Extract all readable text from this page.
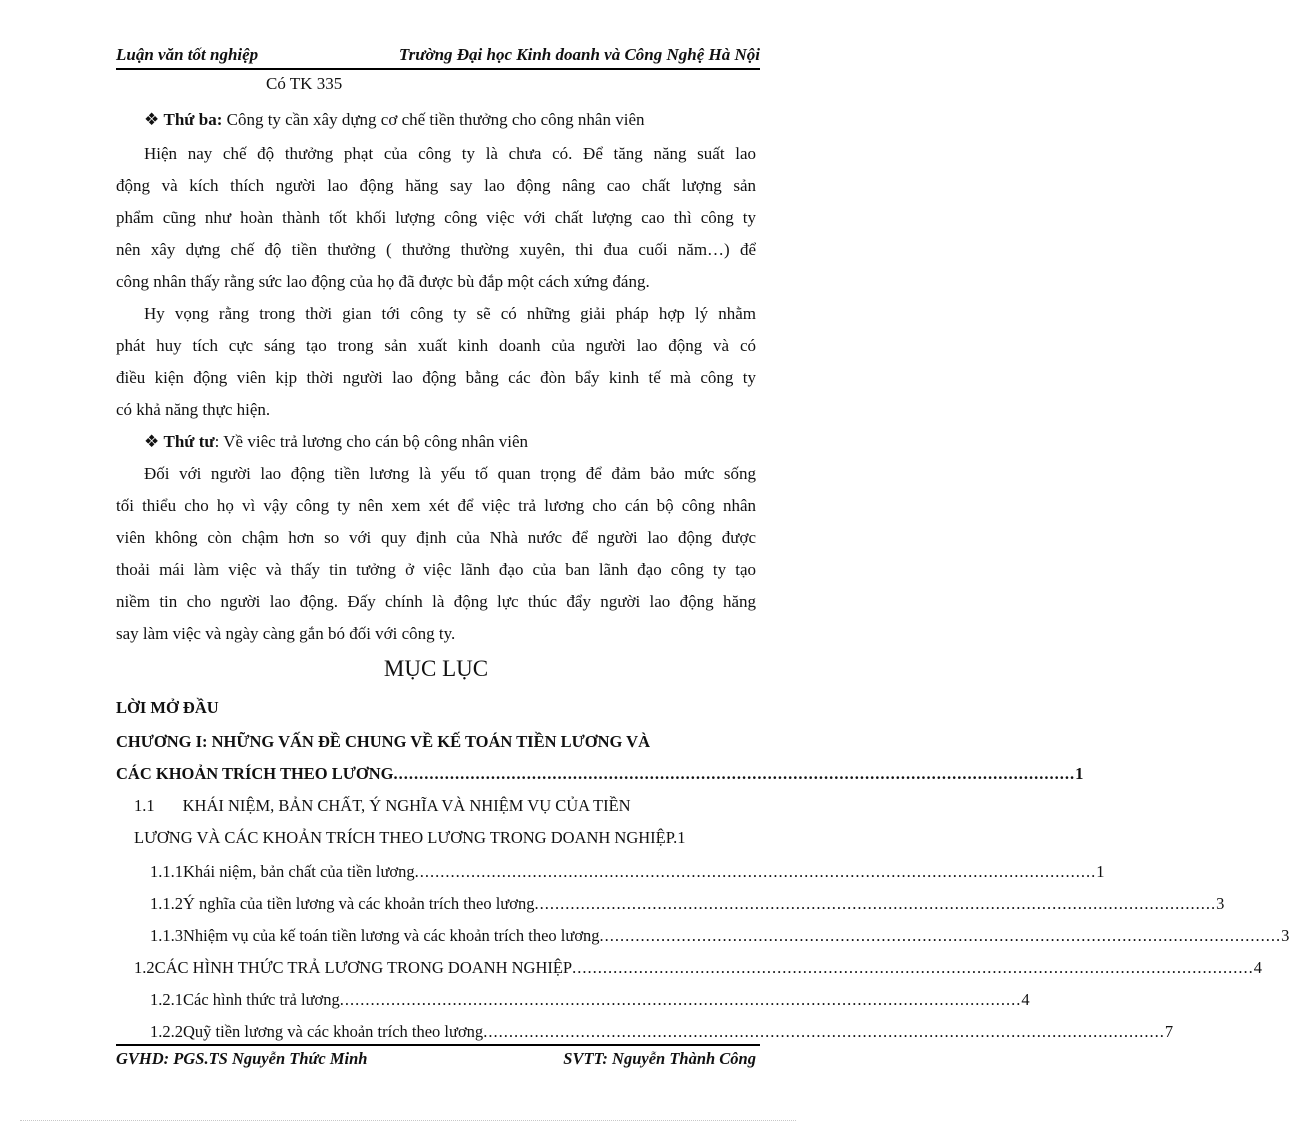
Luận văn tốt nghiệp	Trường Đại học Kinh doanh và Công Nghệ Hà Nội
Có TK 335
❖ Thứ ba: Công ty cần xây dựng cơ chế tiền thưởng cho công nhân viên
Hiện nay chế độ thưởng phạt của công ty là chưa có. Để tăng năng suất lao
động và kích thích người lao động hăng say lao động nâng cao chất lượng sản
phẩm cũng như hoàn thành tốt khối lượng công việc với chất lượng cao thì công ty
nên xây dựng chế độ tiền thưởng ( thưởng thường xuyên, thi đua cuối năm…) để
công nhân thấy rằng sức lao động của họ đã được bù đắp một cách xứng đáng.
Hy vọng rằng trong thời gian tới công ty sẽ có những giải pháp hợp lý nhằm
phát huy tích cực sáng tạo trong sản xuất kinh doanh của người lao động và có
điều kiện động viên kịp thời người lao động bằng các đòn bẩy kinh tế mà công ty
có khả năng thực hiện.
❖ Thứ tư: Về viêc trả lương cho cán bộ công nhân viên
Đối với người lao động tiền lương là yếu tố quan trọng để đảm bảo mức sống
tối thiểu cho họ vì vậy công ty nên xem xét để việc trả lương cho cán bộ công nhân
viên không còn chậm hơn so với quy định của Nhà nước để người lao động được
thoải mái làm việc và thấy tin tưởng ở việc lãnh đạo của ban lãnh đạo công ty tạo
niềm tin cho người lao động. Đấy chính là động lực thúc đẩy người lao động hăng
say làm việc và ngày càng gắn bó đối với công ty.
MỤC LỤC
LỜI MỞ ĐẦU
CHƯƠNG I: NHỮNG VẤN ĐỀ CHUNG VỀ KẾ TOÁN TIỀN LƯƠNG VÀ
CÁC KHOẢN TRÍCH THEO LƯƠNG ..................................................................................................................................... 1
1.1 KHÁI NIỆM, BẢN CHẤT, Ý NGHĨA VÀ NHIỆM VỤ CỦA TIỀN
LƯƠNG VÀ CÁC KHOẢN TRÍCH THEO LƯƠNG TRONG DOANH NGHIỆP.1
1.1.1 Khái niệm, bản chất của tiền lương ..................................................................................................................................... 1
1.1.2 Ý nghĩa của tiền lương và các khoản trích theo lương ..................................................................................................................................... 3
1.1.3 Nhiệm vụ của kế toán tiền lương và các khoản trích theo lương ..................................................................................................................................... 3
1.2 CÁC HÌNH THỨC TRẢ LƯƠNG TRONG DOANH NGHIỆP ..................................................................................................................................... 4
1.2.1 Các hình thức trả lương ..................................................................................................................................... 4
1.2.2 Quỹ tiền lương và các khoản trích theo lương ..................................................................................................................................... 7
GVHD: PGS.TS Nguyễn Thức Minh	SVTT: Nguyễn Thành Công
